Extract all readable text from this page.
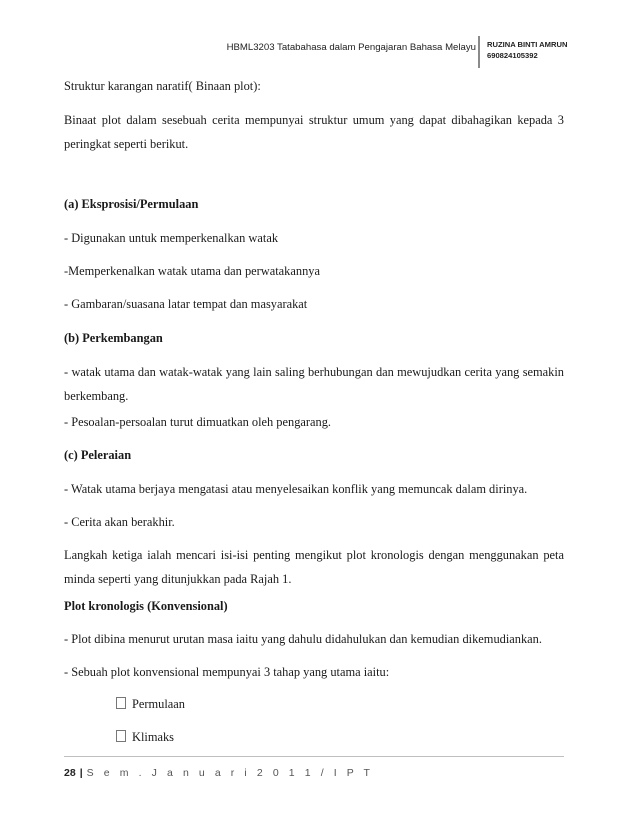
HBML3203 Tatabahasa dalam Pengajaran Bahasa Melayu RUZINA BINTI AMRUN
690824105392

Struktur karangan naratif( Binaan plot):

Binaat plot dalam sesebuah cerita mempunyai struktur umum yang dapat dibahagikan kepada 3 peringkat seperti berikut.

(a) Eksprosisi/Permulaan

- Digunakan untuk memperkenalkan watak

-Memperkenalkan watak utama dan perwatakannya

- Gambaran/suasana latar tempat dan masyarakat

(b) Perkembangan

- watak utama dan watak-watak yang lain saling berhubungan dan mewujudkan cerita yang semakin berkembang.

- Pesoalan-persoalan turut dimuatkan oleh pengarang.

(c) Peleraian

- Watak utama berjaya mengatasi atau menyelesaikan konflik yang memuncak dalam dirinya.

- Cerita akan berakhir.

Langkah ketiga ialah mencari isi-isi penting mengikut plot kronologis dengan menggunakan peta minda seperti yang ditunjukkan pada Rajah 1.

Plot kronologis (Konvensional)

- Plot dibina menurut urutan masa iaitu yang dahulu didahulukan dan kemudian dikemudiankan.

- Sebuah plot konvensional mempunyai 3 tahap yang utama iaitu:

Permulaan
Klimaks
28 | S e m . J a n u a r i 2 0 1 1 / I P T
